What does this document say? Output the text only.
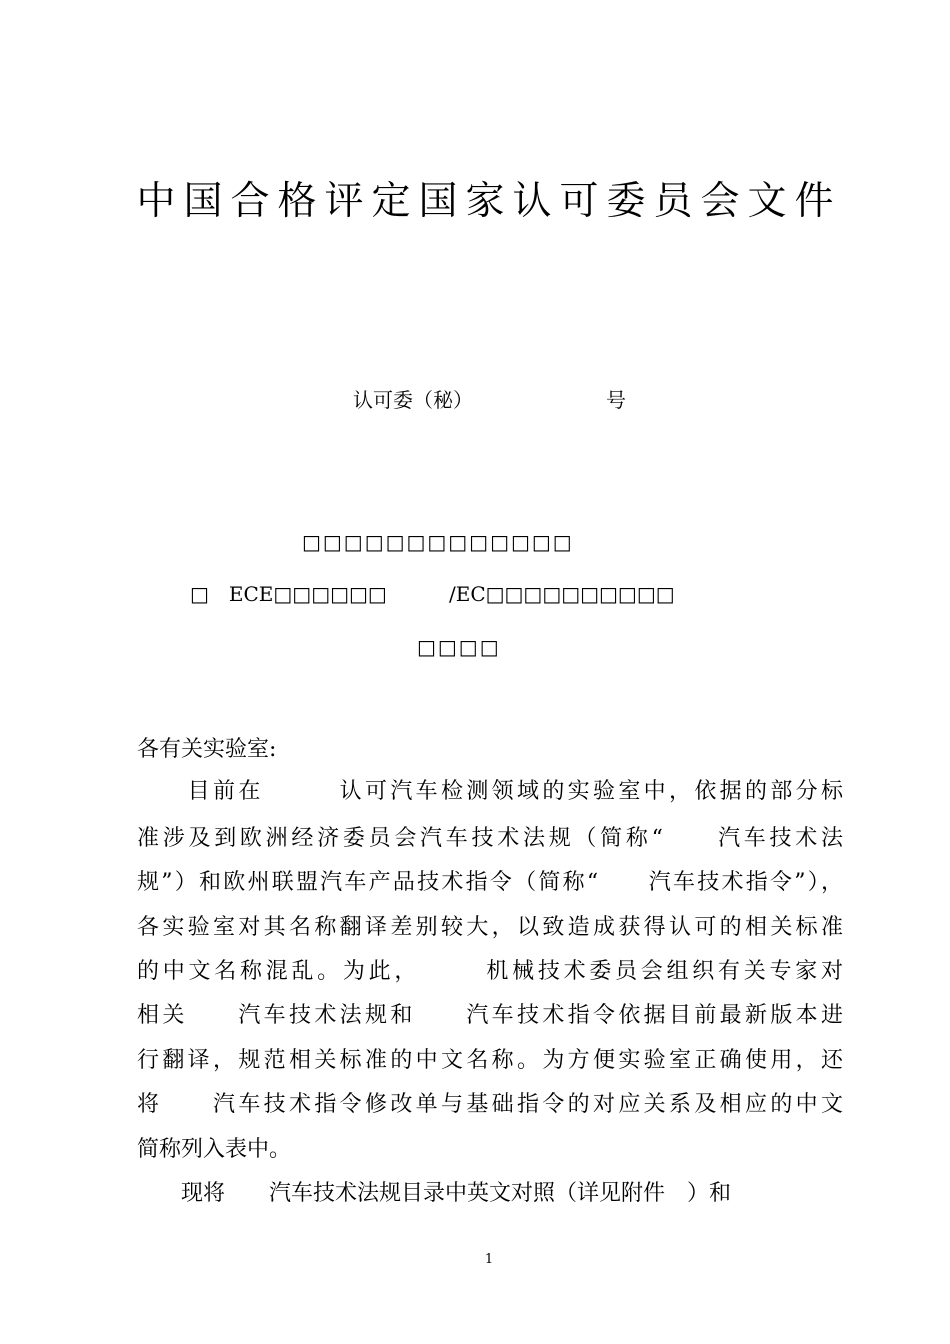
中国合格评定国家认可委员会文件
认可委（秘）	号
□□□□□□□□□□□□□
□　ECE□□□□□□	/EC□□□□□□□□□□
□□□□
各有关实验室:
　　目前在　　　认可汽车检测领域的实验室中，依据的部分标
准涉及到欧洲经济委员会汽车技术法规（简称“　　汽车技术法
规”）和欧州联盟汽车产品技术指令（简称“　　汽车技术指令”），
各实验室对其名称翻译差别较大，以致造成获得认可的相关标准
的中文名称混乱。为此，　　　机械技术委员会组织有关专家对
相关　　汽车技术法规和　　汽车技术指令依据目前最新版本进
行翻译，规范相关标准的中文名称。为方便实验室正确使用，还
将　　汽车技术指令修改单与基础指令的对应关系及相应的中文
简称列入表中。
　　现将　　汽车技术法规目录中英文对照（详见附件　）和
1
